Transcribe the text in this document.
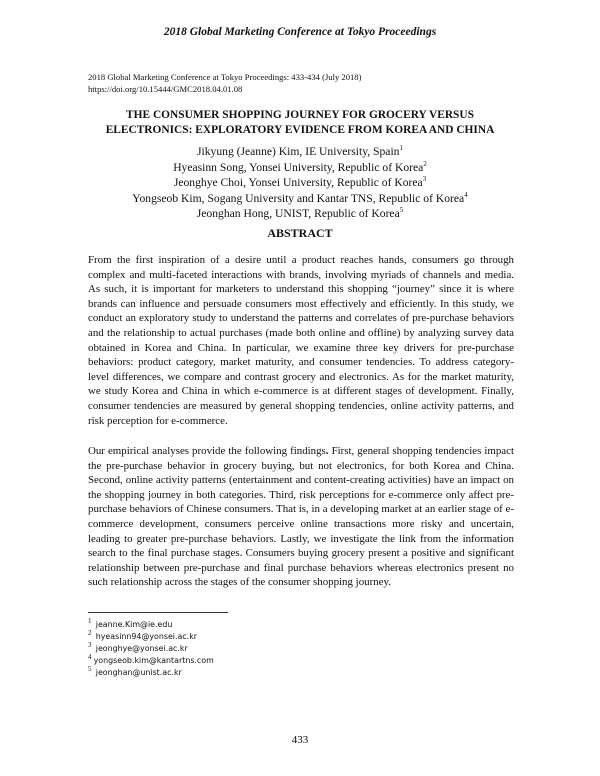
2018 Global Marketing Conference at Tokyo Proceedings
2018 Global Marketing Conference at Tokyo Proceedings: 433-434 (July 2018)
https://doi.org/10.15444/GMC2018.04.01.08
THE CONSUMER SHOPPING JOURNEY FOR GROCERY VERSUS
ELECTRONICS: EXPLORATORY EVIDENCE FROM KOREA AND CHINA
Jikyung (Jeanne) Kim, IE University, Spain$^1$
Hyeasinn Song, Yonsei University, Republic of Korea$^2$
Jeonghye Choi, Yonsei University, Republic of Korea$^3$
Yongseob Kim, Sogang University and Kantar TNS, Republic of Korea$^4$
Jeonghan Hong, UNIST, Republic of Korea$^5$
ABSTRACT
From the first inspiration of a desire until a product reaches hands, consumers go through complex and multi-faceted interactions with brands, involving myriads of channels and media. As such, it is important for marketers to understand this shopping “journey” since it is where brands can influence and persuade consumers most effectively and efficiently. In this study, we conduct an exploratory study to understand the patterns and correlates of pre-purchase behaviors and the relationship to actual purchases (made both online and offline) by analyzing survey data obtained in Korea and China. In particular, we examine three key drivers for pre-purchase behaviors: product category, market maturity, and consumer tendencies. To address category-level differences, we compare and contrast grocery and electronics. As for the market maturity, we study Korea and China in which e-commerce is at different stages of development. Finally, consumer tendencies are measured by general shopping tendencies, online activity patterns, and risk perception for e-commerce.
Our empirical analyses provide the following findings. First, general shopping tendencies impact the pre-purchase behavior in grocery buying, but not electronics, for both Korea and China. Second, online activity patterns (entertainment and content-creating activities) have an impact on the shopping journey in both categories. Third, risk perceptions for e-commerce only affect pre-purchase behaviors of Chinese consumers. That is, in a developing market at an earlier stage of e-commerce development, consumers perceive online transactions more risky and uncertain, leading to greater pre-purchase behaviors. Lastly, we investigate the link from the information search to the final purchase stages. Consumers buying grocery present a positive and significant relationship between pre-purchase and final purchase behaviors whereas electronics present no such relationship across the stages of the consumer shopping journey.
$^1$ jeanne.Kim@ie.edu
$^2$ hyeasinn94@yonsei.ac.kr
$^3$ jeonghye@yonsei.ac.kr
$^4$ yongseob.kim@kantartns.com
$^5$ jeonghan@unist.ac.kr
433
